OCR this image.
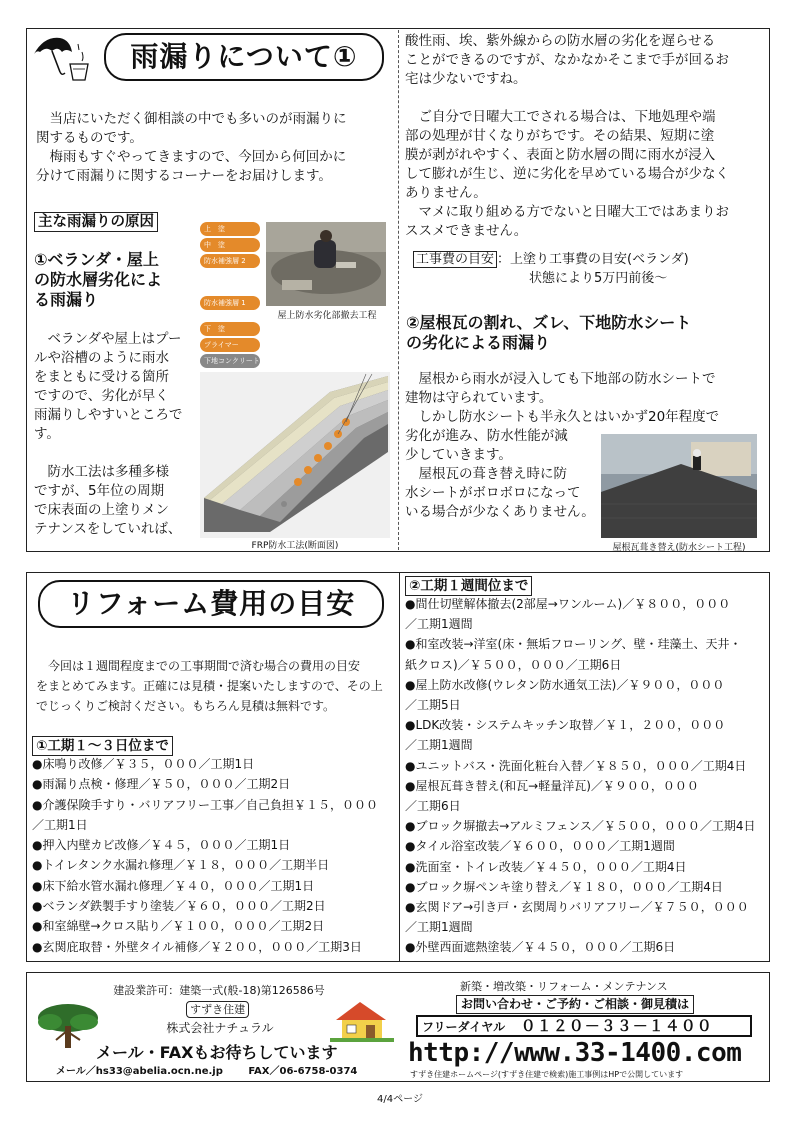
雨漏りについて①

　当店にいただく御相談の中でも多いのが雨漏りに

関するものです。

　梅雨もすぐやってきますので、今回から何回かに

分けて雨漏りに関するコーナーをお届けします。

主な雨漏りの原因
①ベランダ・屋上
の防水層劣化によ
る雨漏り

　ベランダや屋上はプー

ルや浴槽のように雨水

をまともに受ける箇所

ですので、劣化が早く

雨漏りしやすいところで

す。

　防水工法は多種多様

ですが、5年位の周期

で床表面の上塗りメン

テナンスをしていれば、

上　塗
中　塗
防水補強層 2
防水補強層 1
下　塗
プライマー
下地コンクリート
屋上防水劣化部撤去工程
FRP防水工法(断面図)

酸性雨、埃、紫外線からの防水層の劣化を遅らせる

ことができるのですが、なかなかそこまで手が回るお

宅は少ないですね。

　ご自分で日曜大工でされる場合は、下地処理や端

部の処理が甘くなりがちです。その結果、短期に塗

膜が剥がれやすく、表面と防水層の間に雨水が浸入

して膨れが生じ、逆に劣化を早めている場合が少なく

ありません。

　マメに取り組める方でないと日曜大工ではあまりお

ススメできません。

工事費の目安 ：上塗り工事費の目安(ベランダ)
状態により5万円前後～
②屋根瓦の割れ、ズレ、下地防水シート
の劣化による雨漏り

　屋根から雨水が浸入しても下地部の防水シートで

建物は守られています。

　しかし防水シートも半永久とはいかず20年程度で

劣化が進み、防水性能が減

少していきます。

　屋根瓦の葺き替え時に防

水シートがボロボロになって

いる場合が少なくありません。

屋根瓦葺き替え(防水シート工程)
リフォーム費用の目安

　今回は１週間程度までの工事期間で済む場合の費用の目安

をまとめてみます。正確には見積・提案いたしますので、その上

でじっくりご検討ください。もちろん見積は無料です。

①工期１～３日位まで
●床鳴り改修／￥３５，０００／工期1日
●雨漏り点検・修理／￥５０，０００／工期2日
●介護保険手すり・バリアフリー工事／自己負担￥１５，０００
／工期1日
●押入内壁カビ改修／￥４５，０００／工期1日
●トイレタンク水漏れ修理／￥１８，０００／工期半日
●床下給水管水漏れ修理／￥４０，０００／工期1日
●ベランダ鉄製手すり塗装／￥６０，０００／工期2日
●和室綿壁→クロス貼り／￥１００，０００／工期2日
●玄関庇取替・外壁タイル補修／￥２００，０００／工期3日
②工期１週間位まで
●間仕切壁解体撤去(2部屋→ワンルーム)／￥８００，０００
／工期1週間
●和室改装→洋室(床・無垢フローリング、壁・珪藻土、天井・
紙クロス)／￥５００，０００／工期6日
●屋上防水改修(ウレタン防水通気工法)／￥９００，０００
／工期5日
●LDK改装・システムキッチン取替／￥１，２００，０００
／工期1週間
●ユニットバス・洗面化粧台入替／￥８５０，０００／工期4日
●屋根瓦葺き替え(和瓦→軽量洋瓦)／￥９００，０００
／工期6日
●ブロック塀撤去→アルミフェンス／￥５００，０００／工期4日
●タイル浴室改装／￥６００，０００／工期1週間
●洗面室・トイレ改装／￥４５０，０００／工期4日
●ブロック塀ペンキ塗り替え／￥１８０，０００／工期4日
●玄関ドア→引き戸・玄関周りバリアフリー／￥７５０，０００
／工期1週間
●外壁西面遮熱塗装／￥４５０，０００／工期6日
建設業許可：建築一式(般-18)第126586号
すずき住建
株式会社ナチュラル
メール・FAXもお待ちしています
メール／hs33@abelia.ocn.ne.jp	FAX／06-6758-0374
新築・増改築・リフォーム・メンテナンス
お問い合わせ・ご予約・ご相談・御見積は
フリーダイヤル ０１２０－３３－１４００
http://www.33-1400.com
すずき住建ホームページ(すずき住建で検索)施工事例はHPで公開しています
4/4ページ
